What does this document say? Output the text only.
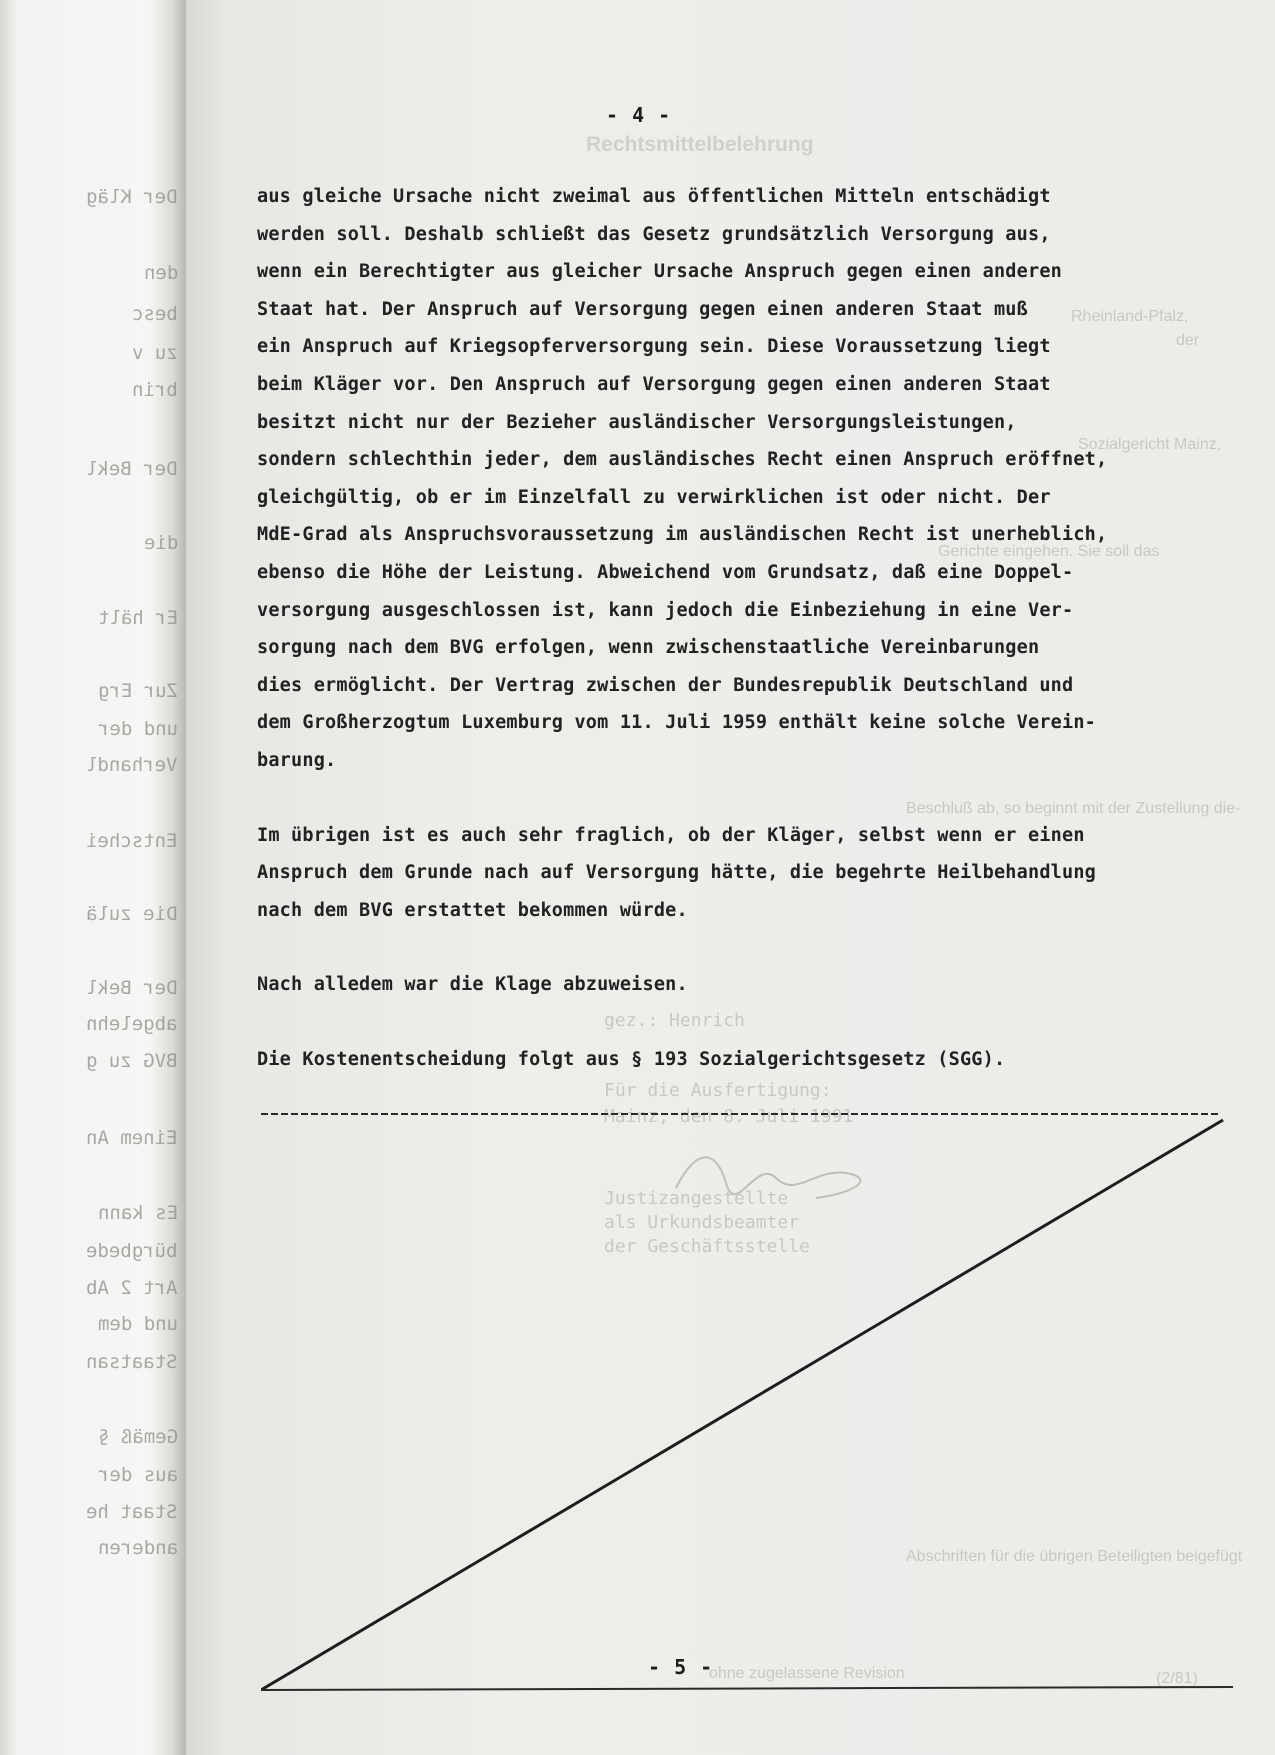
Der Kläg
den
besc
zu v
brin
Der Bekl
die
Er hält
Zur Erg
und der
Verhandl
Entschei
Die zulä
Der Bekl
abgelehn
BVG zu g
Einem An
Es kann
bürgbede
Art 2 Ab
und dem
Staatsan
Gemäß §
aus der
Staat he
anderen
Rechtsmittelbelehrung
Rheinland-Pfalz,
der
Sozialgericht Mainz,
Gerichte eingehen. Sie soll das
Beschluß ab, so beginnt mit der Zustellung die-
Abschriften für die übrigen Beteiligten beigefügt
ohne zugelassene Revision	(2/81)
gez.: Henrich
Für die Ausfertigung:
Mainz, den 8. Juli 1991
Justizangestellte
als Urkundsbeamter
der Geschäftsstelle
- 4 -
aus gleiche Ursache nicht zweimal aus öffentlichen Mitteln entschädigt
werden soll. Deshalb schließt das Gesetz grundsätzlich Versorgung aus,
wenn ein Berechtigter aus gleicher Ursache Anspruch gegen einen anderen
Staat hat. Der Anspruch auf Versorgung gegen einen anderen Staat muß
ein Anspruch auf Kriegsopferversorgung sein. Diese Voraussetzung liegt
beim Kläger vor. Den Anspruch auf Versorgung gegen einen anderen Staat
besitzt nicht nur der Bezieher ausländischer Versorgungsleistungen,
sondern schlechthin jeder, dem ausländisches Recht einen Anspruch eröffnet,
gleichgültig, ob er im Einzelfall zu verwirklichen ist oder nicht. Der
MdE-Grad als Anspruchsvoraussetzung im ausländischen Recht ist unerheblich,
ebenso die Höhe der Leistung. Abweichend vom Grundsatz, daß eine Doppel-
versorgung ausgeschlossen ist, kann jedoch die Einbeziehung in eine Ver-
sorgung nach dem BVG erfolgen, wenn zwischenstaatliche Vereinbarungen
dies ermöglicht. Der Vertrag zwischen der Bundesrepublik Deutschland und
dem Großherzogtum Luxemburg vom 11. Juli 1959 enthält keine solche Verein-
barung.
Im übrigen ist es auch sehr fraglich, ob der Kläger, selbst wenn er einen
Anspruch dem Grunde nach auf Versorgung hätte, die begehrte Heilbehandlung
nach dem BVG erstattet bekommen würde.
Nach alledem war die Klage abzuweisen.
Die Kostenentscheidung folgt aus § 193 Sozialgerichtsgesetz (SGG).
- 5 -
